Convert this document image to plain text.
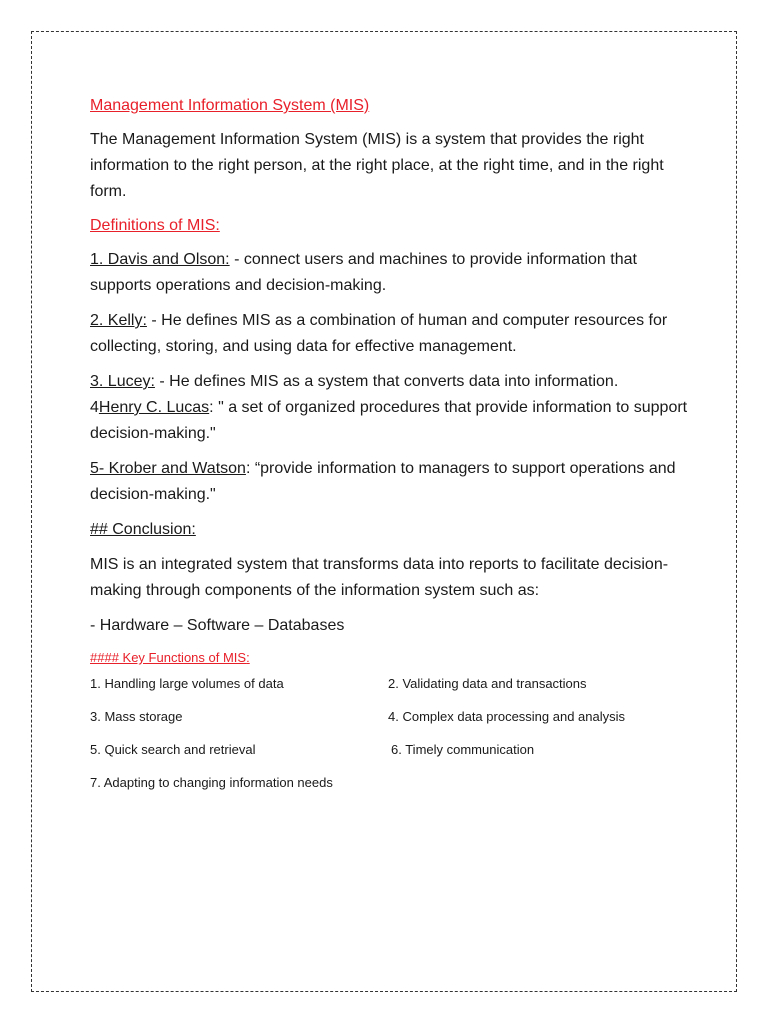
Management Information System (MIS)

The Management Information System (MIS) is a system that provides the right information to the right person, at the right place, at the right time, and in the right form.

Definitions of MIS:

1. Davis and Olson: - connect users and machines to provide information that supports operations and decision-making.

2. Kelly: - He defines MIS as a combination of human and computer resources for collecting, storing, and using data for effective management.

3. Lucey: - He defines MIS as a system that converts data into information.
4Henry C. Lucas: " a set of organized procedures that provide information to support decision-making."

5- Krober and Watson: “provide information to managers to support operations and decision-making."

## Conclusion:

MIS is an integrated system that transforms data into reports to facilitate decision-making through components of the information system such as:

- Hardware – Software – Databases

#### Key Functions of MIS:
1. Handling large volumes of data	2. Validating data and transactions
3. Mass storage	4. Complex data processing and analysis
5. Quick search and retrieval	6. Timely communication
7. Adapting to changing information needs
